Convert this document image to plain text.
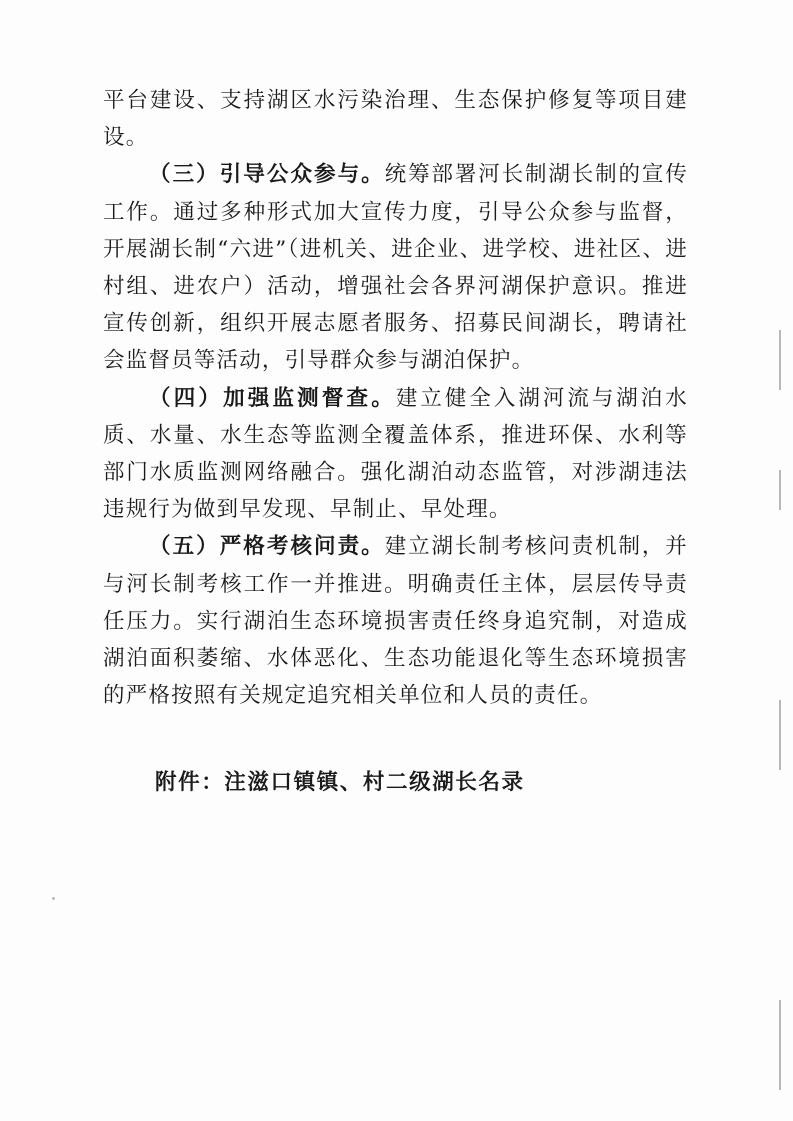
平台建设、支持湖区水污染治理、生态保护修复等项目建设。

（三）引导公众参与。统筹部署河长制湖长制的宣传工作。通过多种形式加大宣传力度，引导公众参与监督，开展湖长制“六进”（进机关、进企业、进学校、进社区、进村组、进农户）活动，增强社会各界河湖保护意识。推进宣传创新，组织开展志愿者服务、招募民间湖长，聘请社会监督员等活动，引导群众参与湖泊保护。

（四）加强监测督查。建立健全入湖河流与湖泊水质、水量、水生态等监测全覆盖体系，推进环保、水利等部门水质监测网络融合。强化湖泊动态监管，对涉湖违法违规行为做到早发现、早制止、早处理。

（五）严格考核问责。建立湖长制考核问责机制，并与河长制考核工作一并推进。明确责任主体，层层传导责任压力。实行湖泊生态环境损害责任终身追究制，对造成湖泊面积萎缩、水体恶化、生态功能退化等生态环境损害的严格按照有关规定追究相关单位和人员的责任。

附件：注滋口镇镇、村二级湖长名录
